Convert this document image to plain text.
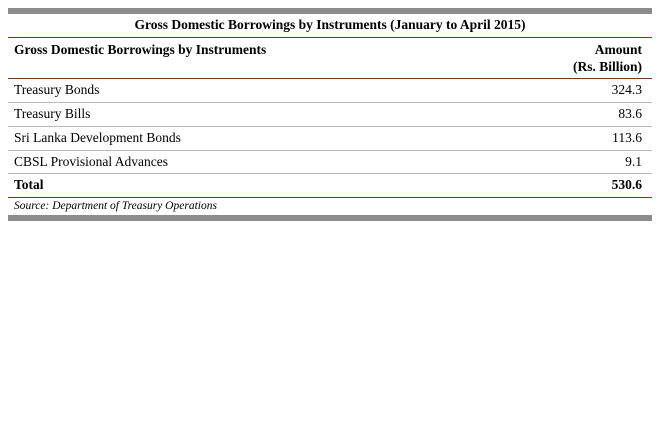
Gross Domestic Borrowings by Instruments (January to April 2015)	
Gross Domestic Borrowings by Instruments	Amount
(Rs. Billion)

Treasury Bonds	324.3
Treasury Bills	83.6
Sri Lanka Development Bonds	113.6
CBSL Provisional Advances	9.1
Total	530.6
Source: Department of Treasury Operations	
